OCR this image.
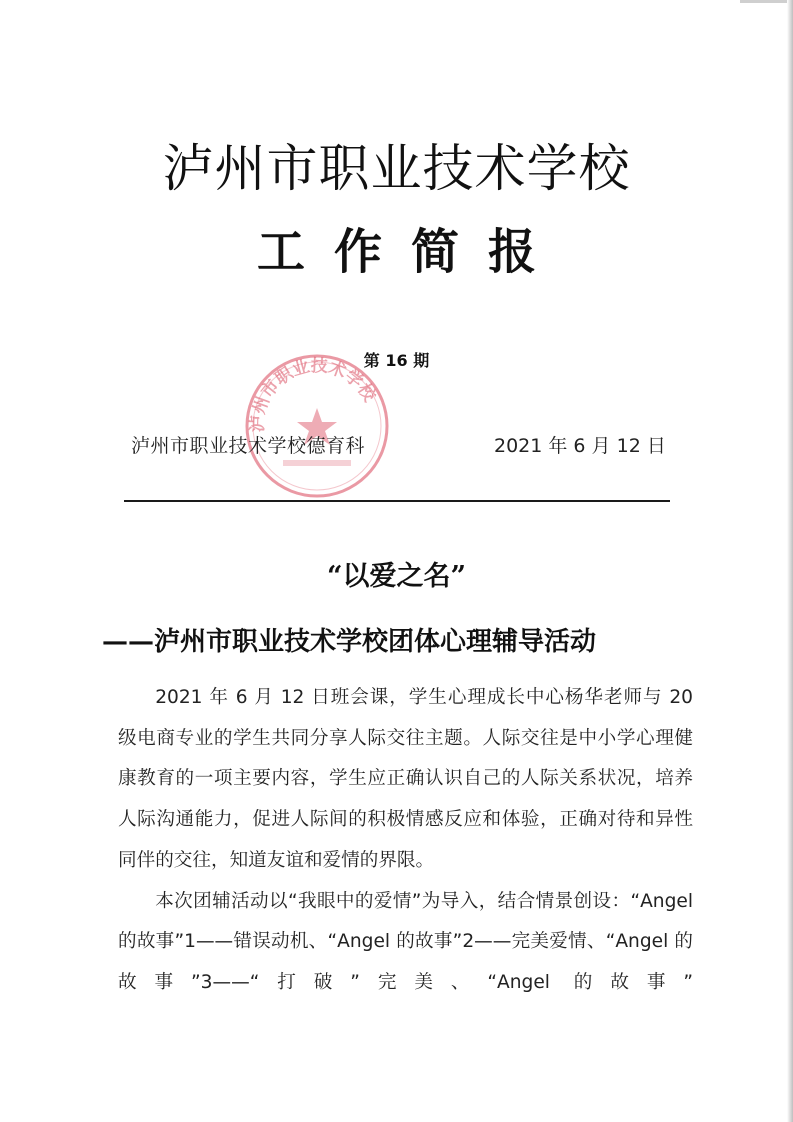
泸州市职业技术学校
工作简报
第 16 期
泸州市职业技术学校
泸州市职业技术学校德育科	2021 年 6 月 12 日
“以爱之名”
——泸州市职业技术学校团体心理辅导活动

2021 年 6 月 12 日班会课，学生心理成长中心杨华老师与 20 级电商专业的学生共同分享人际交往主题。人际交往是中小学心理健康教育的一项主要内容，学生应正确认识自己的人际关系状况，培养人际沟通能力，促进人际间的积极情感反应和体验，正确对待和异性同伴的交往，知道友谊和爱情的界限。

本次团辅活动以“我眼中的爱情”为导入，结合情景创设：“Angel 的故事”1——错误动机、“Angel 的故事”2——完美爱情、“Angel 的故事”3——“打破”完美、“Angel 的故事”
